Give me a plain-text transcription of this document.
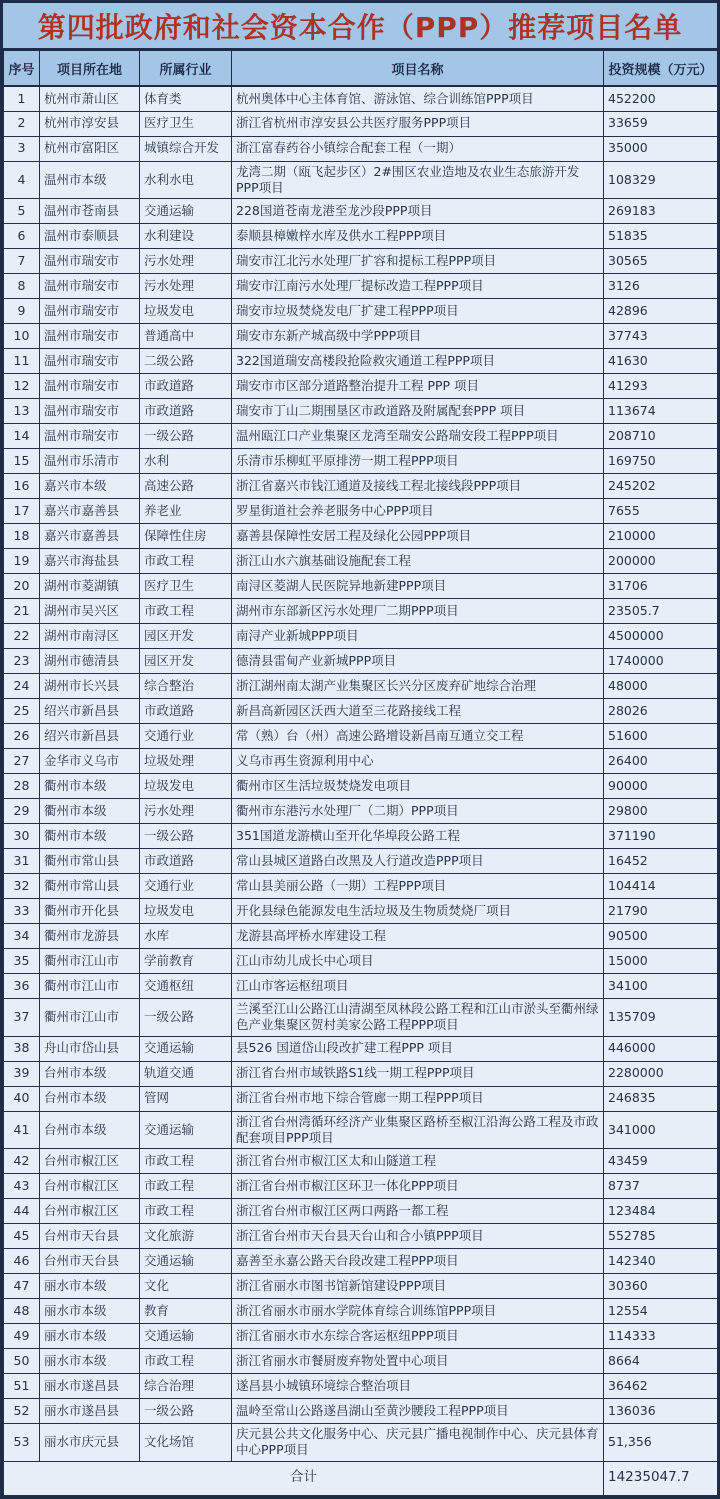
第四批政府和社会资本合作（PPP）推荐项目名单
序号	项目所在地	所属行业	项目名称	投资规模（万元）
1	杭州市萧山区	体育类	杭州奥体中心主体育馆、游泳馆、综合训练馆PPP项目	452200
2	杭州市淳安县	医疗卫生	浙江省杭州市淳安县公共医疗服务PPP项目	33659
3	杭州市富阳区	城镇综合开发	浙江富春药谷小镇综合配套工程（一期）	35000
4	温州市本级	水利水电	龙湾二期（瓯飞起步区）2#围区农业造地及农业生态旅游开发PPP项目	108329
5	温州市苍南县	交通运输	228国道苍南龙港至龙沙段PPP项目	269183
6	温州市泰顺县	水利建设	泰顺县樟嫩梓水库及供水工程PPP项目	51835
7	温州市瑞安市	污水处理	瑞安市江北污水处理厂扩容和提标工程PPP项目	30565
8	温州市瑞安市	污水处理	瑞安市江南污水处理厂提标改造工程PPP项目	3126
9	温州市瑞安市	垃圾发电	瑞安市垃圾焚烧发电厂扩建工程PPP项目	42896
10	温州市瑞安市	普通高中	瑞安市东新产城高级中学PPP项目	37743
11	温州市瑞安市	二级公路	322国道瑞安高楼段抢险救灾通道工程PPP项目	41630
12	温州市瑞安市	市政道路	瑞安市市区部分道路整治提升工程 PPP 项目	41293
13	温州市瑞安市	市政道路	瑞安市丁山二期围垦区市政道路及附属配套PPP 项目	113674
14	温州市瑞安市	一级公路	温州瓯江口产业集聚区龙湾至瑞安公路瑞安段工程PPP项目	208710
15	温州市乐清市	水利	乐清市乐柳虹平原排涝一期工程PPP项目	169750
16	嘉兴市本级	高速公路	浙江省嘉兴市钱江通道及接线工程北接线段PPP项目	245202
17	嘉兴市嘉善县	养老业	罗星街道社会养老服务中心PPP项目	7655
18	嘉兴市嘉善县	保障性住房	嘉善县保障性安居工程及绿化公园PPP项目	210000
19	嘉兴市海盐县	市政工程	浙江山水六旗基础设施配套工程	200000
20	湖州市菱湖镇	医疗卫生	南浔区菱湖人民医院异地新建PPP项目	31706
21	湖州市吴兴区	市政工程	湖州市东部新区污水处理厂二期PPP项目	23505.7
22	湖州市南浔区	园区开发	南浔产业新城PPP项目	4500000
23	湖州市德清县	园区开发	德清县雷甸产业新城PPP项目	1740000
24	湖州市长兴县	综合整治	浙江湖州南太湖产业集聚区长兴分区废弃矿地综合治理	48000
25	绍兴市新昌县	市政道路	新昌高新园区沃西大道至三花路接线工程	28026
26	绍兴市新昌县	交通行业	常（熟）台（州）高速公路增设新昌南互通立交工程	51600
27	金华市义乌市	垃圾处理	义乌市再生资源利用中心	26400
28	衢州市本级	垃圾发电	衢州市区生活垃圾焚烧发电项目	90000
29	衢州市本级	污水处理	衢州市东港污水处理厂（二期）PPP项目	29800
30	衢州市本级	一级公路	351国道龙游横山至开化华埠段公路工程	371190
31	衢州市常山县	市政道路	常山县城区道路白改黑及人行道改造PPP项目	16452
32	衢州市常山县	交通行业	常山县美丽公路（一期）工程PPP项目	104414
33	衢州市开化县	垃圾发电	开化县绿色能源发电生活垃圾及生物质焚烧厂项目	21790
34	衢州市龙游县	水库	龙游县高坪桥水库建设工程	90500
35	衢州市江山市	学前教育	江山市幼儿成长中心项目	15000
36	衢州市江山市	交通枢纽	江山市客运枢纽项目	34100
37	衢州市江山市	一级公路	兰溪至江山公路江山清湖至凤林段公路工程和江山市淤头至衢州绿色产业集聚区贺村美家公路工程PPP项目	135709
38	舟山市岱山县	交通运输	县526 国道岱山段改扩建工程PPP 项目	446000
39	台州市本级	轨道交通	浙江省台州市域铁路S1线一期工程PPP项目	2280000
40	台州市本级	管网	浙江省台州市地下综合管廊一期工程PPP项目	246835
41	台州市本级	交通运输	浙江省台州湾循环经济产业集聚区路桥至椒江沿海公路工程及市政配套项目PPP项目	341000
42	台州市椒江区	市政工程	浙江省台州市椒江区太和山隧道工程	43459
43	台州市椒江区	市政工程	浙江省台州市椒江区环卫一体化PPP项目	8737
44	台州市椒江区	市政工程	浙江省台州市椒江区两口两路一都工程	123484
45	台州市天台县	文化旅游	浙江省台州市天台县天台山和合小镇PPP项目	552785
46	台州市天台县	交通运输	嘉善至永嘉公路天台段改建工程PPP项目	142340
47	丽水市本级	文化	浙江省丽水市图书馆新馆建设PPP项目	30360
48	丽水市本级	教育	浙江省丽水市丽水学院体育综合训练馆PPP项目	12554
49	丽水市本级	交通运输	浙江省丽水市水东综合客运枢纽PPP项目	114333
50	丽水市本级	市政工程	浙江省丽水市餐厨废弃物处置中心项目	8664
51	丽水市遂昌县	综合治理	遂昌县小城镇环境综合整治项目	36462
52	丽水市遂昌县	一级公路	温岭至常山公路遂昌湖山至黄沙腰段工程PPP项目	136036
53	丽水市庆元县	文化场馆	庆元县公共文化服务中心、庆元县广播电视制作中心、庆元县体育中心PPP项目	51,356
合计				14235047.7
